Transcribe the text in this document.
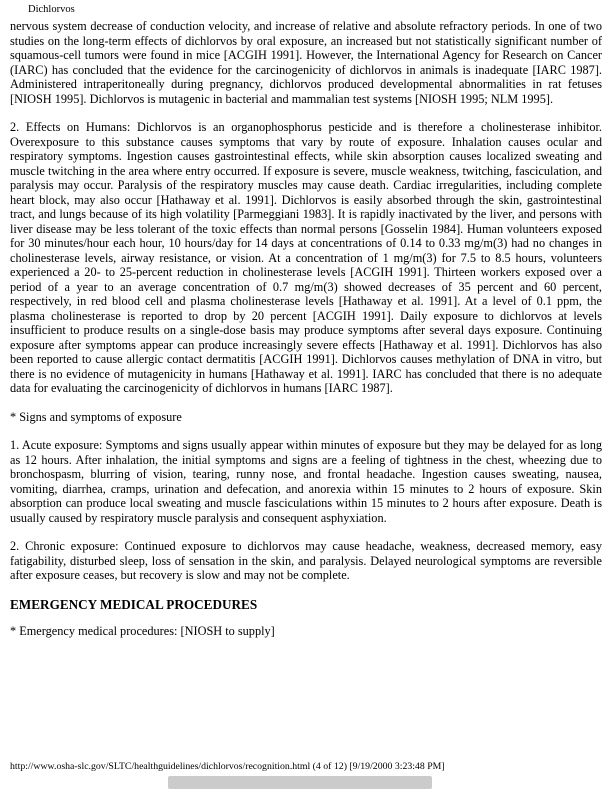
Dichlorvos

nervous system decrease of conduction velocity, and increase of relative and absolute refractory periods. In one of two studies on the long-term effects of dichlorvos by oral exposure, an increased but not statistically significant number of squamous-cell tumors were found in mice [ACGIH 1991]. However, the International Agency for Research on Cancer (IARC) has concluded that the evidence for the carcinogenicity of dichlorvos in animals is inadequate [IARC 1987]. Administered intraperitoneally during pregnancy, dichlorvos produced developmental abnormalities in rat fetuses [NIOSH 1995]. Dichlorvos is mutagenic in bacterial and mammalian test systems [NIOSH 1995; NLM 1995].

2. Effects on Humans: Dichlorvos is an organophosphorus pesticide and is therefore a cholinesterase inhibitor. Overexposure to this substance causes symptoms that vary by route of exposure. Inhalation causes ocular and respiratory symptoms. Ingestion causes gastrointestinal effects, while skin absorption causes localized sweating and muscle twitching in the area where entry occurred. If exposure is severe, muscle weakness, twitching, fasciculation, and paralysis may occur. Paralysis of the respiratory muscles may cause death. Cardiac irregularities, including complete heart block, may also occur [Hathaway et al. 1991]. Dichlorvos is easily absorbed through the skin, gastrointestinal tract, and lungs because of its high volatility [Parmeggiani 1983]. It is rapidly inactivated by the liver, and persons with liver disease may be less tolerant of the toxic effects than normal persons [Gosselin 1984]. Human volunteers exposed for 30 minutes/hour each hour, 10 hours/day for 14 days at concentrations of 0.14 to 0.33 mg/m(3) had no changes in cholinesterase levels, airway resistance, or vision. At a concentration of 1 mg/m(3) for 7.5 to 8.5 hours, volunteers experienced a 20- to 25-percent reduction in cholinesterase levels [ACGIH 1991]. Thirteen workers exposed over a period of a year to an average concentration of 0.7 mg/m(3) showed decreases of 35 percent and 60 percent, respectively, in red blood cell and plasma cholinesterase levels [Hathaway et al. 1991]. At a level of 0.1 ppm, the plasma cholinesterase is reported to drop by 20 percent [ACGIH 1991]. Daily exposure to dichlorvos at levels insufficient to produce results on a single-dose basis may produce symptoms after several days exposure. Continuing exposure after symptoms appear can produce increasingly severe effects [Hathaway et al. 1991]. Dichlorvos has also been reported to cause allergic contact dermatitis [ACGIH 1991]. Dichlorvos causes methylation of DNA in vitro, but there is no evidence of mutagenicity in humans [Hathaway et al. 1991]. IARC has concluded that there is no adequate data for evaluating the carcinogenicity of dichlorvos in humans [IARC 1987].

* Signs and symptoms of exposure

1. Acute exposure: Symptoms and signs usually appear within minutes of exposure but they may be delayed for as long as 12 hours. After inhalation, the initial symptoms and signs are a feeling of tightness in the chest, wheezing due to bronchospasm, blurring of vision, tearing, runny nose, and frontal headache. Ingestion causes sweating, nausea, vomiting, diarrhea, cramps, urination and defecation, and anorexia within 15 minutes to 2 hours of exposure. Skin absorption can produce local sweating and muscle fasciculations within 15 minutes to 2 hours after exposure. Death is usually caused by respiratory muscle paralysis and consequent asphyxiation.

2. Chronic exposure: Continued exposure to dichlorvos may cause headache, weakness, decreased memory, easy fatigability, disturbed sleep, loss of sensation in the skin, and paralysis. Delayed neurological symptoms are reversible after exposure ceases, but recovery is slow and may not be complete.

EMERGENCY MEDICAL PROCEDURES

* Emergency medical procedures: [NIOSH to supply]

http://www.osha-slc.gov/SLTC/healthguidelines/dichlorvos/recognition.html (4 of 12) [9/19/2000 3:23:48 PM]
